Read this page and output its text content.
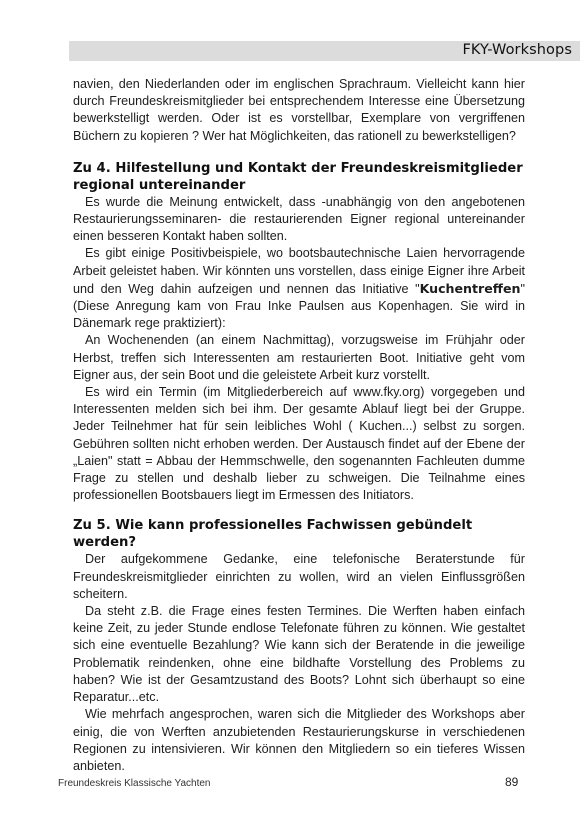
FKY-Workshops

navien, den Niederlanden oder im englischen Sprachraum. Vielleicht kann hier durch Freundeskreismitglieder bei entsprechendem Interesse eine Übersetzung bewerkstelligt werden. Oder ist es vorstellbar, Exemplare von vergriffenen Büchern zu kopieren ? Wer hat Möglichkeiten, das rationell zu bewerkstelligen?

Zu 4. Hilfestellung und Kontakt der Freundeskreismitglieder regional untereinander

Es wurde die Meinung entwickelt, dass -unabhängig von den angebotenen Restaurierungsseminaren- die restaurierenden Eigner regional untereinander einen besseren Kontakt haben sollten.

Es gibt einige Positivbeispiele, wo bootsbautechnische Laien hervorragende Arbeit geleistet haben. Wir könnten uns vorstellen, dass einige Eigner ihre Arbeit und den Weg dahin aufzeigen und nennen das Initiative "Kuchentreffen" (Diese Anregung kam von Frau Inke Paulsen aus Kopenhagen. Sie wird in Dänemark rege praktiziert):

An Wochenenden (an einem Nachmittag), vorzugsweise im Frühjahr oder Herbst, treffen sich Interessenten am restaurierten Boot. Initiative geht vom Eigner aus, der sein Boot und die geleistete Arbeit kurz vorstellt.

Es wird ein Termin (im Mitgliederbereich auf www.fky.org) vorgegeben und Interessenten melden sich bei ihm. Der gesamte Ablauf liegt bei der Gruppe. Jeder Teilnehmer hat für sein leibliches Wohl ( Kuchen...) selbst zu sorgen. Gebühren sollten nicht erhoben werden. Der Austausch findet auf der Ebene der „Laien" statt = Abbau der Hemmschwelle, den sogenannten Fachleuten dumme Frage zu stellen und deshalb lieber zu schweigen. Die Teilnahme eines professionellen Bootsbauers liegt im Ermessen des Initiators.

Zu 5. Wie kann professionelles Fachwissen gebündelt werden?

Der aufgekommene Gedanke, eine telefonische Beraterstunde für Freundeskreismitglieder einrichten zu wollen, wird an vielen Einflussgrößen scheitern.

Da steht z.B. die Frage eines festen Termines. Die Werften haben einfach keine Zeit, zu jeder Stunde endlose Telefonate führen zu können. Wie gestaltet sich eine eventuelle Bezahlung? Wie kann sich der Beratende in die jeweilige Problematik reindenken, ohne eine bildhafte Vorstellung des Problems zu haben? Wie ist der Gesamtzustand des Boots? Lohnt sich überhaupt so eine Reparatur...etc.

Wie mehrfach angesprochen, waren sich die Mitglieder des Workshops aber einig, die von Werften anzubietenden Restaurierungskurse in verschiedenen Regionen zu intensivieren. Wir können den Mitgliedern so ein tieferes Wissen anbieten.

Freundeskreis Klassische Yachten	89
